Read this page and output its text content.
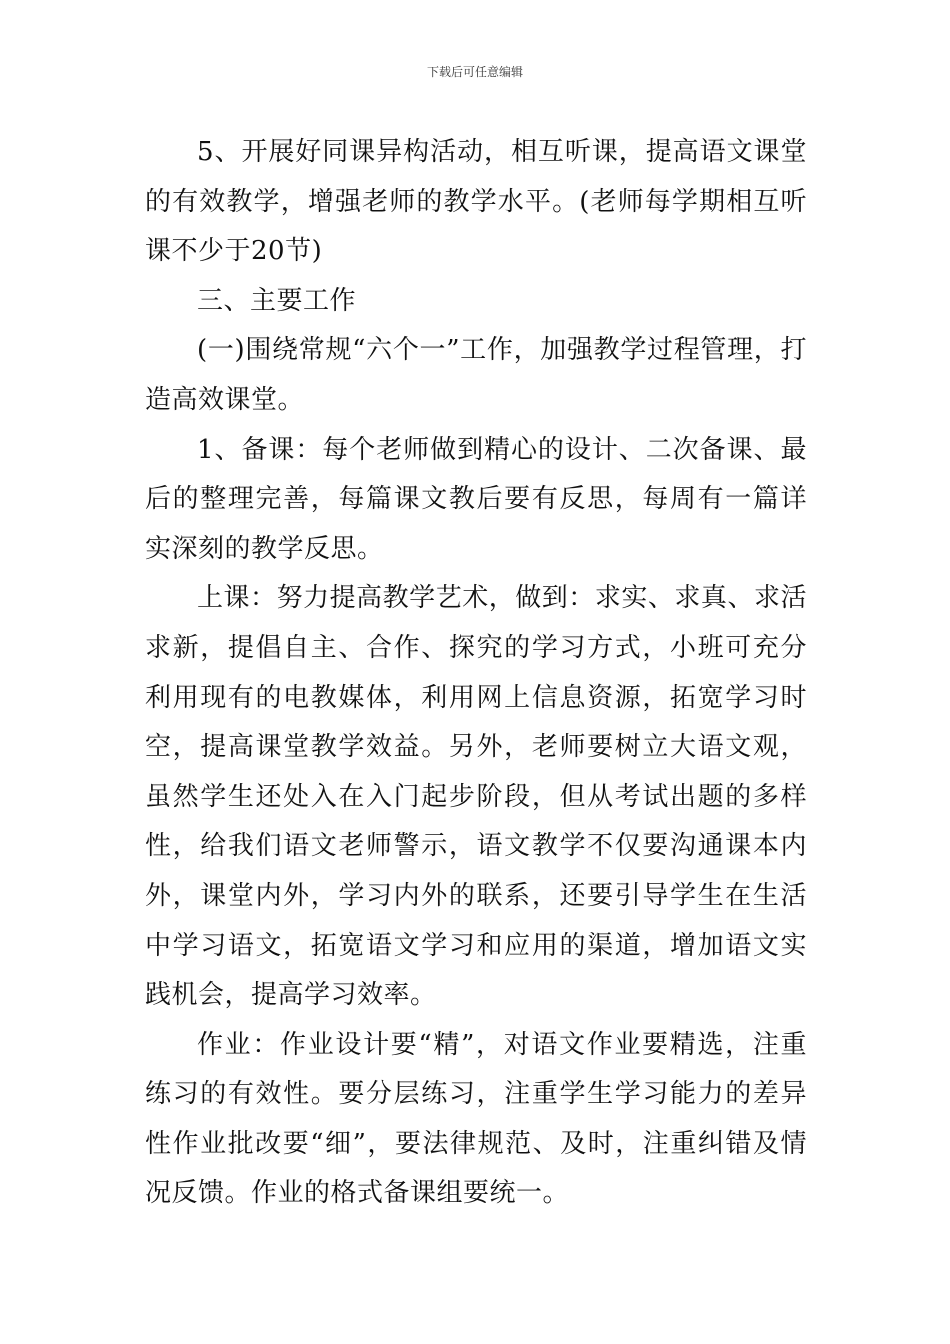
下载后可任意编辑

5、开展好同课异构活动，相互听课，提高语文课堂的有效教学，增强老师的教学水平。(老师每学期相互听课不少于20节)

三、主要工作

(一)围绕常规“六个一”工作，加强教学过程管理，打造高效课堂。

1、备课：每个老师做到精心的设计、二次备课、最后的整理完善，每篇课文教后要有反思，每周有一篇详实深刻的教学反思。

上课：努力提高教学艺术，做到：求实、求真、求活求新，提倡自主、合作、探究的学习方式，小班可充分利用现有的电教媒体，利用网上信息资源，拓宽学习时空，提高课堂教学效益。另外，老师要树立大语文观，虽然学生还处入在入门起步阶段，但从考试出题的多样性，给我们语文老师警示，语文教学不仅要沟通课本内外，课堂内外，学习内外的联系，还要引导学生在生活中学习语文，拓宽语文学习和应用的渠道，增加语文实践机会，提高学习效率。

作业：作业设计要“精”，对语文作业要精选，注重练习的有效性。要分层练习，注重学生学习能力的差异性作业批改要“细”，要法律规范、及时，注重纠错及情况反馈。作业的格式备课组要统一。
